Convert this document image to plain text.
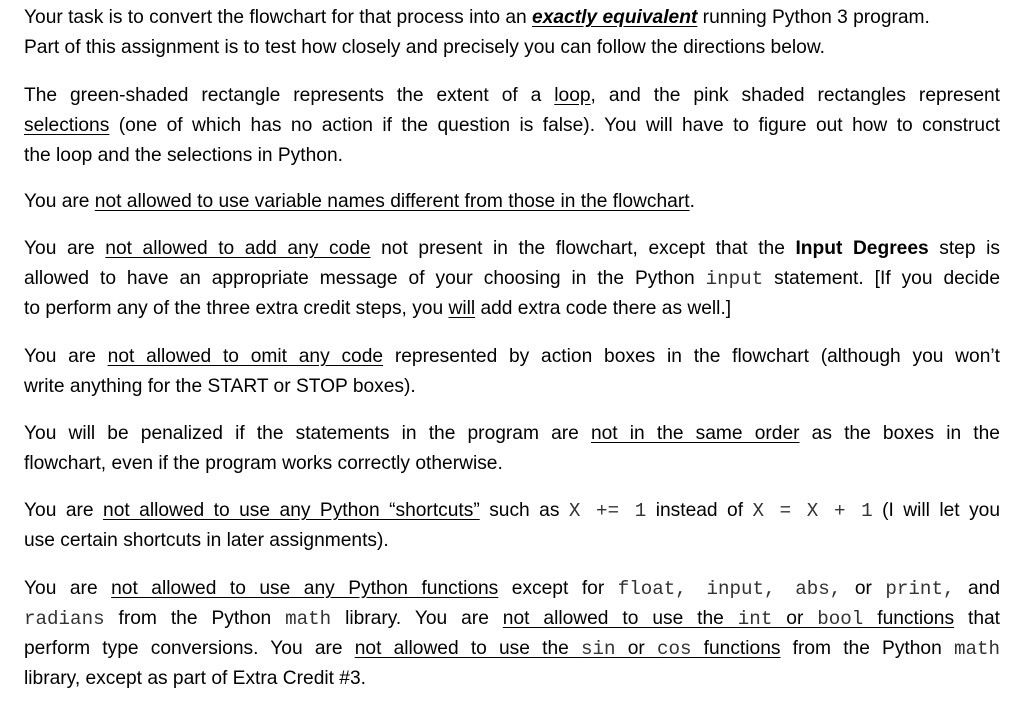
Your task is to convert the flowchart for that process into an exactly equivalent running Python 3 program.
Part of this assignment is to test how closely and precisely you can follow the directions below.
The green-shaded rectangle represents the extent of a loop, and the pink shaded rectangles represent
selections (one of which has no action if the question is false). You will have to figure out how to construct
the loop and the selections in Python.
You are not allowed to use variable names different from those in the flowchart.
You are not allowed to add any code not present in the flowchart, except that the Input Degrees step is
allowed to have an appropriate message of your choosing in the Python input statement. [If you decide
to perform any of the three extra credit steps, you will add extra code there as well.]
You are not allowed to omit any code represented by action boxes in the flowchart (although you won’t
write anything for the START or STOP boxes).
You will be penalized if the statements in the program are not in the same order as the boxes in the
flowchart, even if the program works correctly otherwise.
You are not allowed to use any Python “shortcuts” such as X += 1 instead of X = X + 1 (I will let you
use certain shortcuts in later assignments).
You are not allowed to use any Python functions except for float, input, abs, or print, and
radians from the Python math library. You are not allowed to use the int or bool functions that
perform type conversions. You are not allowed to use the sin or cos functions from the Python math
library, except as part of Extra Credit #3.
